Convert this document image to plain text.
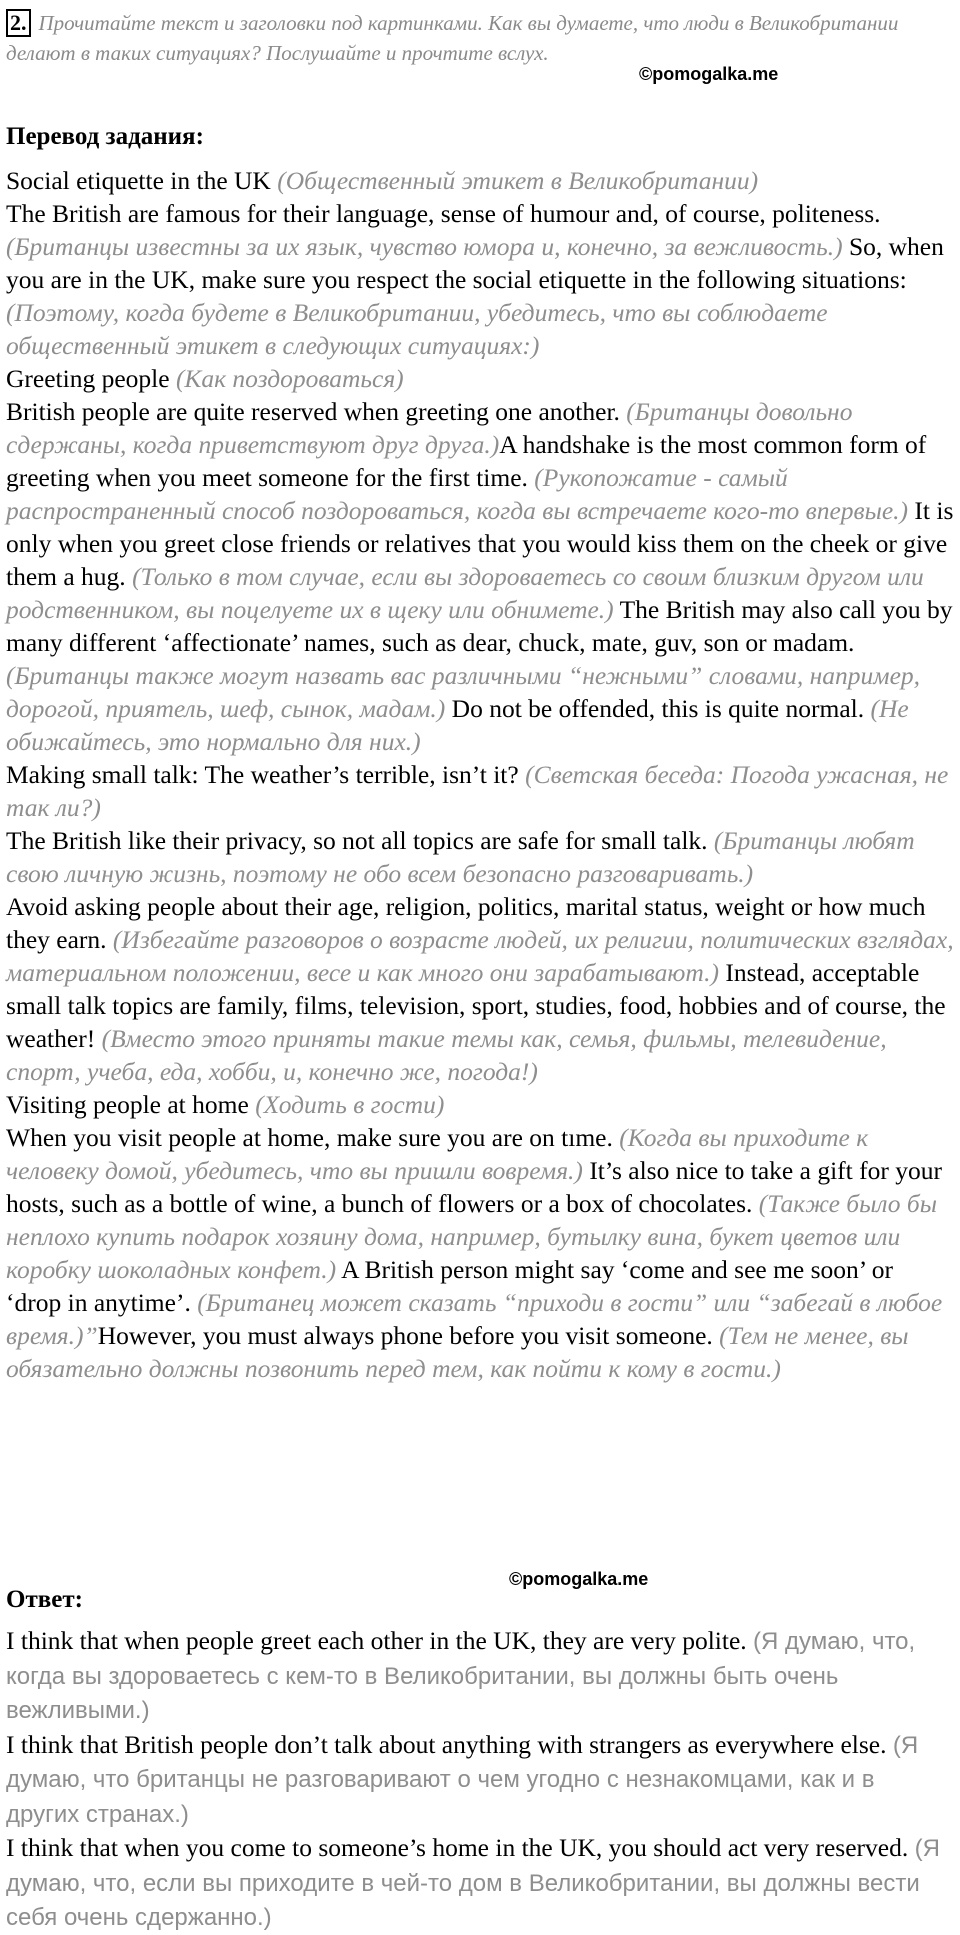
2. Прочитайте текст и заголовки под картинками. Как вы думаете, что люди в Великобритании делают в таких ситуациях? Послушайте и прочтите вслух.
©pomogalka.me
Перевод задания:
Social etiquette in the UK (Общественный этикет в Великобритании)
The British are famous for their language, sense of humour and, of course, politeness. (Британцы известны за их язык, чувство юмора и, конечно, за вежливость.) So, when you are in the UK, make sure you respect the social etiquette in the following situations: (Поэтому, когда будете в Великобритании, убедитесь, что вы соблюдаете общественный этикет в следующих ситуациях:)
Greeting people (Как поздороваться)
British people are quite reserved when greeting one another. (Британцы довольно сдержаны, когда приветствуют друг друга.)A handshake is the most common form of greeting when you meet someone for the first time. (Рукопожатие - самый распространенный способ поздороваться, когда вы встречаете кого-то впервые.) It is only when you greet close friends or relatives that you would kiss them on the cheek or give them a hug. (Только в том случае, если вы здороваетесь со своим близким другом или родственником, вы поцелуете их в щеку или обнимете.) The British may also call you by many different ‘affectionate’ names, such as dear, chuck, mate, guv, son or madam. (Британцы также могут назвать вас различными “нежными” словами, например, дорогой, приятель, шеф, сынок, мадам.) Do not be offended, this is quite normal. (Не обижайтесь, это нормально для них.)
Making small talk: The weather’s terrible, isn’t it? (Светская беседа: Погода ужасная, не так ли?)
The British like their privacy, so not all topics are safe for small talk. (Британцы любят свою личную жизнь, поэтому не обо всем безопасно разговаривать.)
Avoid asking people about their age, religion, politics, marital status, weight or how much they earn. (Избегайте разговоров о возрасте людей, их религии, политических взглядах, материальном положении, весе и как много они зарабатывают.) Instead, acceptable small talk topics are family, films, television, sport, studies, food, hobbies and of course, the weather! (Вместо этого приняты такие темы как, семья, фильмы, телевидение, спорт, учеба, еда, хобби, и, конечно же, погода!)
Visiting people at home (Ходить в гости)
When you visit people at home, make sure you are on tıme. (Когда вы приходите к человеку домой, убедитесь, что вы пришли вовремя.) It’s also nice to take a gift for your hosts, such as a bottle of wine, a bunch of flowers or a box of chocolates. (Также было бы неплохо купить подарок хозяину дома, например, бутылку вина, букет цветов или коробку шоколадных конфет.) A British person might say ‘come and see me soon’ or ‘drop in anytime’. (Британец может сказать “приходи в гости” или “забегай в любое время.)”However, you must always phone before you visit someone. (Тем не менее, вы обязательно должны позвонить перед тем, как пойти к кому в гости.)
Ответ:
©pomogalka.me
I think that when people greet each other in the UK, they are very polite. (Я думаю, что, когда вы здороваетесь с кем-то в Великобритании, вы должны быть очень вежливыми.)
I think that British people don’t talk about anything with strangers as everywhere else. (Я думаю, что британцы не разговаривают о чем угодно с незнакомцами, как и в других странах.)
I think that when you come to someone’s home in the UK, you should act very reserved. (Я думаю, что, если вы приходите в чей-то дом в Великобритании, вы должны вести себя очень сдержанно.)
